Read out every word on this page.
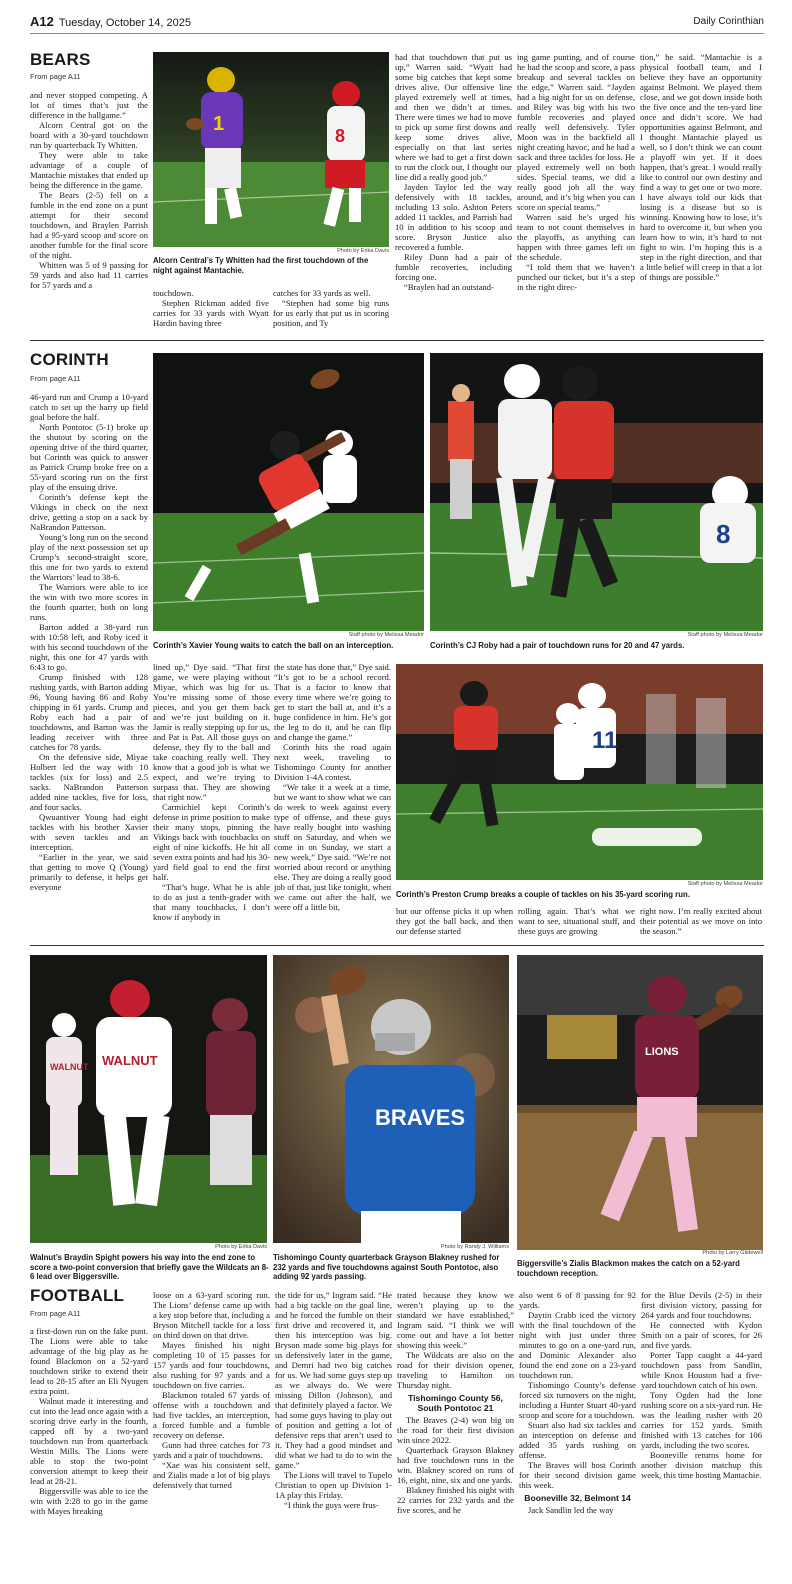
A12 Tuesday, October 14, 2025	Daily Corinthian
BEARS
From page A11

and never stopped competing. A lot of times that’s just the difference in the ballgame.”

Alcorn Central got on the board with a 30-yard touchdown run by quarterback Ty Whitten.

They were able to take advantage of a couple of Mantachie mistakes that ended up being the difference in the game.

The Bears (2-5) fell on a fumble in the end zone on a punt attempt for their second touchdown, and Braylen Parrish had a 95-yard scoop and score on another fumble for the final score of the night.

Whitten was 5 of 9 passing for 59 yards and also had 11 carries for 57 yards and a

1
8
Photo by Erika Davis
Alcorn Central’s Ty Whitten had the first touchdown of the night against Mantachie.

touchdown.

Stephen Rickman added five carries for 33 yards with Wyatt Hardin having three

catches for 33 yards as well.

“Stephen had some big runs for us early that put us in scoring position, and Ty

had that touchdown that put us up,” Warren said. “Wyatt had some big catches that kept some drives alive. Our offensive line played extremely well at times, and then we didn’t at times. There were times we had to move to pick up some first downs and keep some drives alive, especially on that last series where we had to get a first down to run the clock out, I thought our line did a really good job.”

Jayden Taylor led the way defensively with 18 tackles, including 13 solo. Ashton Peters added 11 tackles, and Parrish had 10 in addition to his scoop and score. Bryson Justice also recovered a fumble.

Riley Dunn had a pair of fumble recoveries, including forcing one.

“Braylen had an outstand-

ing game punting, and of course he had the scoop and score, a pass breakup and several tackles on the edge,” Warren said. “Jayden had a big night for us on defense, and Riley was big with his two fumble recoveries and played really well defensively. Tyler Moon was in the backfield all night creating havoc, and he had a sack and three tackles for loss. He played extremely well on both sides. Special teams, we did a really good job all the way around, and it’s big when you can score on special teams.”

Warren said he’s urged his team to not count themselves in the playoffs, as anything can happen with three games left on the schedule.

“I told them that we haven’t punched our ticket, but it’s a step in the right direc-

tion,” he said. “Mantachie is a physical football team, and I believe they have an opportunity against Belmont. We played them close, and we got down inside both the five once and the ten-yard line once and didn’t score. We had opportunities against Belmont, and I thought Mantachie played us well, so I don’t think we can count a playoff win yet. If it does happen, that’s great. I would really like to control our own destiny and find a way to get one or two more. I have always told our kids that losing is a disease but so is winning. Knowing how to lose, it’s hard to overcome it, but when you learn how to win, it’s hard to not fight to win. I’m hoping this is a step in the right direction, and that a little belief will creep in that a lot of things are possible.”

CORINTH
From page A11

46-yard run and Crump a 10-yard catch to set up the harry up field goal before the half.

North Pontotoc (5-1) broke up the shutout by scoring on the opening drive of the third quarter, but Corinth was quick to answer as Patrick Crump broke free on a 55-yard scoring run on the first play of the ensuing drive.

Corinth’s defense kept the Vikings in check on the next drive, getting a stop on a sack by NaBrandon Patterson.

Young’s long run on the second play of the next possession set up Crump’s second-straight score, this one for two yards to extend the Warriors’ lead to 38-6.

The Warriors were able to ice the win with two more scores in the fourth quarter, both on long runs.

Barton added a 38-yard run with 10:58 left, and Roby iced it with his second touchdown of the night, this one for 47 yards with 6:43 to go.

Crump finished with 128 rushing yards, with Barton adding 96, Young having 86 and Roby chipping in 61 yards. Crump and Roby each had a pair of touchdowns, and Barton was the leading receiver with three catches for 78 yards.

On the defensive side, Miyae Holbert led the way with 10 tackles (six for loss) and 2.5 sacks. NaBrandon Patterson added nine tackles, five for loss, and four sacks.

Qwuantiver Young had eight tackles with his brother Xavier with seven tackles and an interception.

“Earlier in the year, we said that getting to move Q (Young) primarily to defense, it helps get everyone

Staff photo by Melissa Meador
Corinth’s Xavier Young waits to catch the ball on an interception.
8
Staff photo by Melissa Meador
Corinth’s CJ Roby had a pair of touchdown runs for 20 and 47 yards.

lined up,” Dye said. “That first game, we were playing without Miyae, which was big for us. You’re missing some of those pieces, and you get them back and we’re just building on it. Jamir is really stepping up for us, and Pat is Pat. All those guys on defense, they fly to the ball and take coaching really well. They know that a good job is what we expect, and we’re trying to surpass that. They are showing that right now.”

Carmichiel kept Corinth’s defense in prime position to make their many stops, pinning the Vikings back with touchbacks on eight of nine kickoffs. He hit all seven extra points and had his 30-yard field goal to end the first half.

“That’s huge. What he is able to do as just a tenth-grader with that many touchbacks, I don’t know if anybody in

the state has done that,” Dye said. “It’s got to be a school record. That is a factor to know that every time where we’re going to get to start the ball at, and it’s a huge confidence in him. He’s got the leg to do it, and he can flip and change the game.”

Corinth hits the road again next week, traveling to Tishomingo County for another Division 1-4A contest.

“We take it a week at a time, but we want to show what we can do week to week against every type of offense, and these guys have really bought into washing stuff on Saturday, and when we come in on Sunday, we start a new week,” Dye said. “We’re not worried about record or anything else. They are doing a really good job of that, just like tonight, when we came out after the half, we were off a little bit,

11
Staff photo by Melissa Meador
Corinth’s Preston Crump breaks a couple of tackles on his 35-yard scoring run.

but our offense picks it up when they got the ball back, and then our defense started

rolling again. That’s what we want to see, situational stuff, and these guys are growing

right now. I’m really excited about their potential as we move on into the season.”

WALNUT WALNUT
Photo by Erika Davis
Walnut’s Braydin Spight powers his way into the end zone to score a two-point conversion that briefly gave the Wildcats an 8-6 lead over Biggersville.
BRAVES
Photo by Randy J. Williams
Tishomingo County quarterback Grayson Blakney rushed for 232 yards and five touchdowns against South Pontotoc, also adding 92 yards passing.
LIONS
Photo by Larry Glidewell
Biggersville’s Zialis Blackmon makes the catch on a 52-yard touchdown reception.
FOOTBALL
From page A11

a first-down run on the fake punt. The Lions were able to take advantage of the big play as he found Blackmon on a 52-yard touchdown strike to extend their lead to 28-15 after an Eli Nyugen extra point.

Walnut made it interesting and cut into the lead once again with a scoring drive early in the fourth, capped off by a two-yard touchdown run from quarterback Westin Mills. The Lions were able to stop the two-point conversion attempt to keep their lead at 28-21.

Biggersville was able to ice the win with 2:28 to go in the game with Mayes breaking

loose on a 63-yard scoring run. The Lions’ defense came up with a key stop before that, including a Bryson Mitchell tackle for a loss on third down on that drive.

Mayes finished his night completing 10 of 15 passes for 157 yards and four touchdowns, also rushing for 97 yards and a touchdown on five carries.

Blackmon totaled 67 yards of offense with a touchdown and had five tackles, an interception, a forced fumble and a fumble recovery on defense.

Gunn had three catches for 73 yards and a pair of touchdowns.

“Xae was his consistent self, and Zialis made a lot of big plays defensively that turned

the tide for us,” Ingram said. “He had a big tackle on the goal line, and he forced the fumble on their first drive and recovered it, and then his interception was big. Bryson made some big plays for us defensively later in the game, and Demri had two big catches for us. We had some guys step up as we always do. We were missing Dillon (Johnson), and that definitely played a factor. We had some guys having to play out of position and getting a lot of defensive reps that aren’t used to it. They had a good mindset and did what we had to do to win the game.”

The Lions will travel to Tupelo Christian to open up Division 1-1A play this Friday.

“I think the guys were frus-

trated because they know we weren’t playing up to the standard we have established,” Ingram said. “I think we will come out and have a lot better showing this week.”

The Wildcats are also on the road for their division opener, traveling to Hamilton on Thursday night.

Tishomingo County 56, South Pontotoc 21

The Braves (2-4) won big on the road for their first division win since 2022.

Quarterback Grayson Blakney had five touchdown runs in the win. Blakney scored on runs of 16, eight, nine, six and one yards.

Blakney finished his night with 22 carries for 232 yards and the five scores, and he

also went 6 of 8 passing for 92 yards.

Daytin Crabb iced the victory with the final touchdown of the night with just under three minutes to go on a one-yard run, and Dominic Alexander also found the end zone on a 23-yard touchdown run.

Tishomingo County’s defense forced six turnovers on the night, including a Hunter Stuart 40-yard scoop and score for a touchdown.

Stuart also had six tackles and an interception on defense and added 35 yards rushing on offense.

The Braves will host Corinth for their second division game this week.

Booneville 32, Belmont 14

Jack Sandlin led the way

for the Blue Devils (2-5) in their first division victory, passing for 264 yards and four touchdowns.

He connected with Kydon Smith on a pair of scores, for 26 and five yards.

Porter Tapp caught a 44-yard touchdown pass from Sandlin, while Knox Houston had a five-yard touchdown catch of his own.

Tony Ogden had the lone rushing score on a six-yard run. He was the leading rusher with 20 carries for 152 yards. Smith finished with 13 catches for 106 yards, including the two scores.

Booneville returns home for another division matchup this week, this time hosting Mantachie.
